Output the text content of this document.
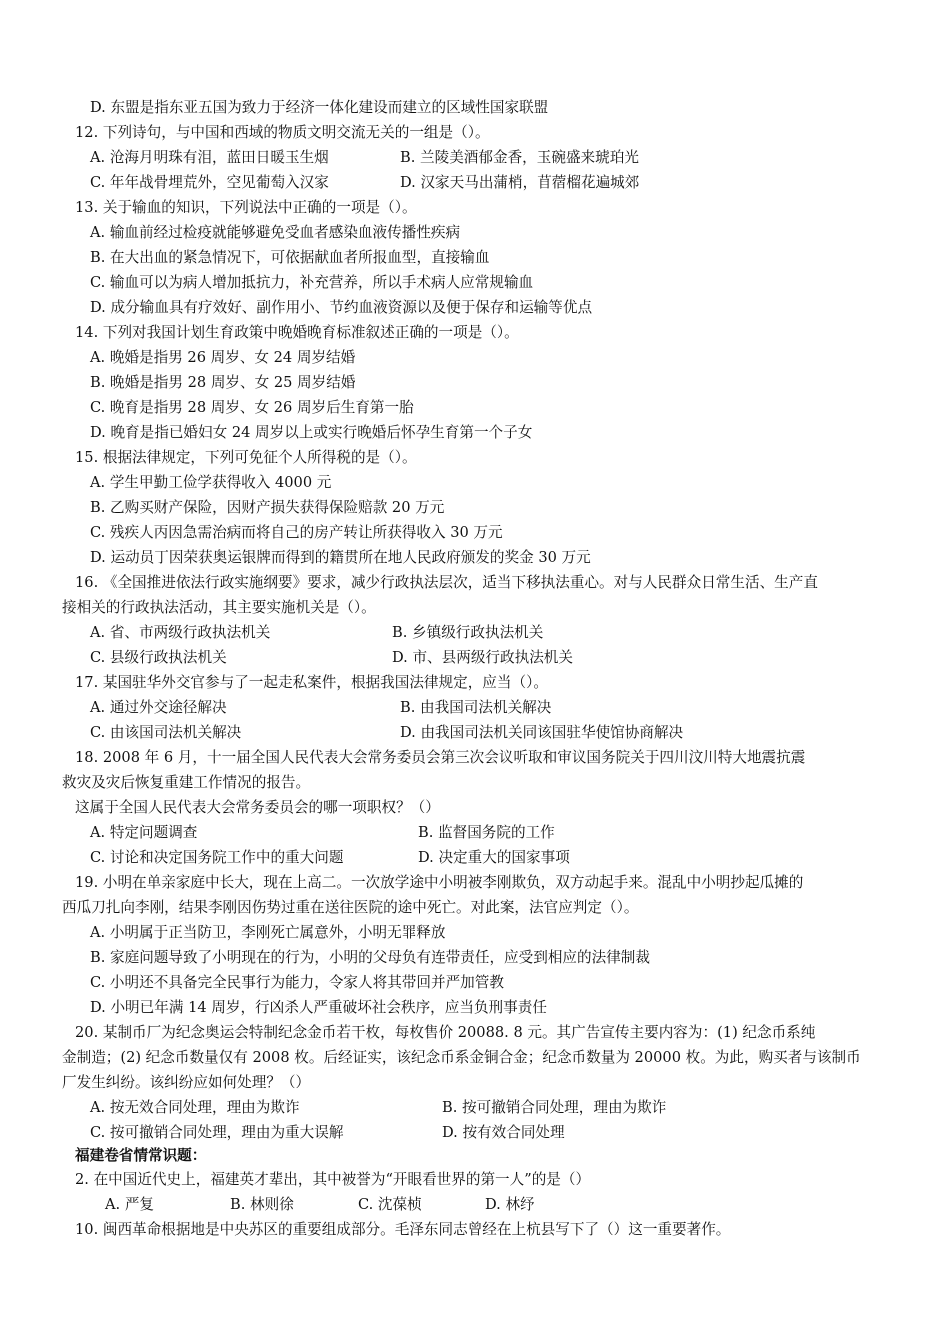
D. 东盟是指东亚五国为致力于经济一体化建设而建立的区域性国家联盟
12. 下列诗句，与中国和西域的物质文明交流无关的一组是（）。
A. 沧海月明珠有泪，蓝田日暖玉生烟	B. 兰陵美酒郁金香，玉碗盛来琥珀光
C. 年年战骨埋荒外，空见葡萄入汉家	D. 汉家天马出蒲梢，苜蓿榴花遍城郊
13. 关于输血的知识，下列说法中正确的一项是（）。
A. 输血前经过检疫就能够避免受血者感染血液传播性疾病
B. 在大出血的紧急情况下，可依据献血者所报血型，直接输血
C. 输血可以为病人增加抵抗力，补充营养，所以手术病人应常规输血
D. 成分输血具有疗效好、副作用小、节约血液资源以及便于保存和运输等优点
14. 下列对我国计划生育政策中晚婚晚育标准叙述正确的一项是（）。
A. 晚婚是指男 26 周岁、女 24 周岁结婚
B. 晚婚是指男 28 周岁、女 25 周岁结婚
C. 晚育是指男 28 周岁、女 26 周岁后生育第一胎
D. 晚育是指已婚妇女 24 周岁以上或实行晚婚后怀孕生育第一个子女
15. 根据法律规定，下列可免征个人所得税的是（）。
A. 学生甲勤工俭学获得收入 4000 元
B. 乙购买财产保险，因财产损失获得保险赔款 20 万元
C. 残疾人丙因急需治病而将自己的房产转让所获得收入 30 万元
D. 运动员丁因荣获奥运银牌而得到的籍贯所在地人民政府颁发的奖金 30 万元
16. 《全国推进依法行政实施纲要》要求，减少行政执法层次，适当下移执法重心。对与人民群众日常生活、生产直
接相关的行政执法活动，其主要实施机关是（）。
A. 省、市两级行政执法机关	B. 乡镇级行政执法机关
C. 县级行政执法机关	D. 市、县两级行政执法机关
17. 某国驻华外交官参与了一起走私案件，根据我国法律规定，应当（）。
A. 通过外交途径解决	B. 由我国司法机关解决
C. 由该国司法机关解决	D. 由我国司法机关同该国驻华使馆协商解决
18. 2008 年 6 月，十一届全国人民代表大会常务委员会第三次会议听取和审议国务院关于四川汶川特大地震抗震
救灾及灾后恢复重建工作情况的报告。
这属于全国人民代表大会常务委员会的哪一项职权？（）
A. 特定问题调查	B. 监督国务院的工作
C. 讨论和决定国务院工作中的重大问题	D. 决定重大的国家事项
19. 小明在单亲家庭中长大，现在上高二。一次放学途中小明被李刚欺负，双方动起手来。混乱中小明抄起瓜摊的
西瓜刀扎向李刚，结果李刚因伤势过重在送往医院的途中死亡。对此案，法官应判定（）。
A. 小明属于正当防卫，李刚死亡属意外，小明无罪释放
B. 家庭问题导致了小明现在的行为，小明的父母负有连带责任，应受到相应的法律制裁
C. 小明还不具备完全民事行为能力，令家人将其带回并严加管教
D. 小明已年满 14 周岁，行凶杀人严重破坏社会秩序，应当负刑事责任
20. 某制币厂为纪念奥运会特制纪念金币若干枚，每枚售价 20088. 8 元。其广告宣传主要内容为：(1) 纪念币系纯
金制造；(2) 纪念币数量仅有 2008 枚。后经证实，该纪念币系金铜合金；纪念币数量为 20000 枚。为此，购买者与该制币
厂发生纠纷。该纠纷应如何处理？（）
A. 按无效合同处理，理由为欺诈	B. 按可撤销合同处理，理由为欺诈
C. 按可撤销合同处理，理由为重大误解	D. 按有效合同处理
福建卷省情常识题：
2. 在中国近代史上，福建英才辈出，其中被誉为“开眼看世界的第一人”的是（）
A. 严复	B. 林则徐	C. 沈葆桢	D. 林纾
10. 闽西革命根据地是中央苏区的重要组成部分。毛泽东同志曾经在上杭县写下了（）这一重要著作。
